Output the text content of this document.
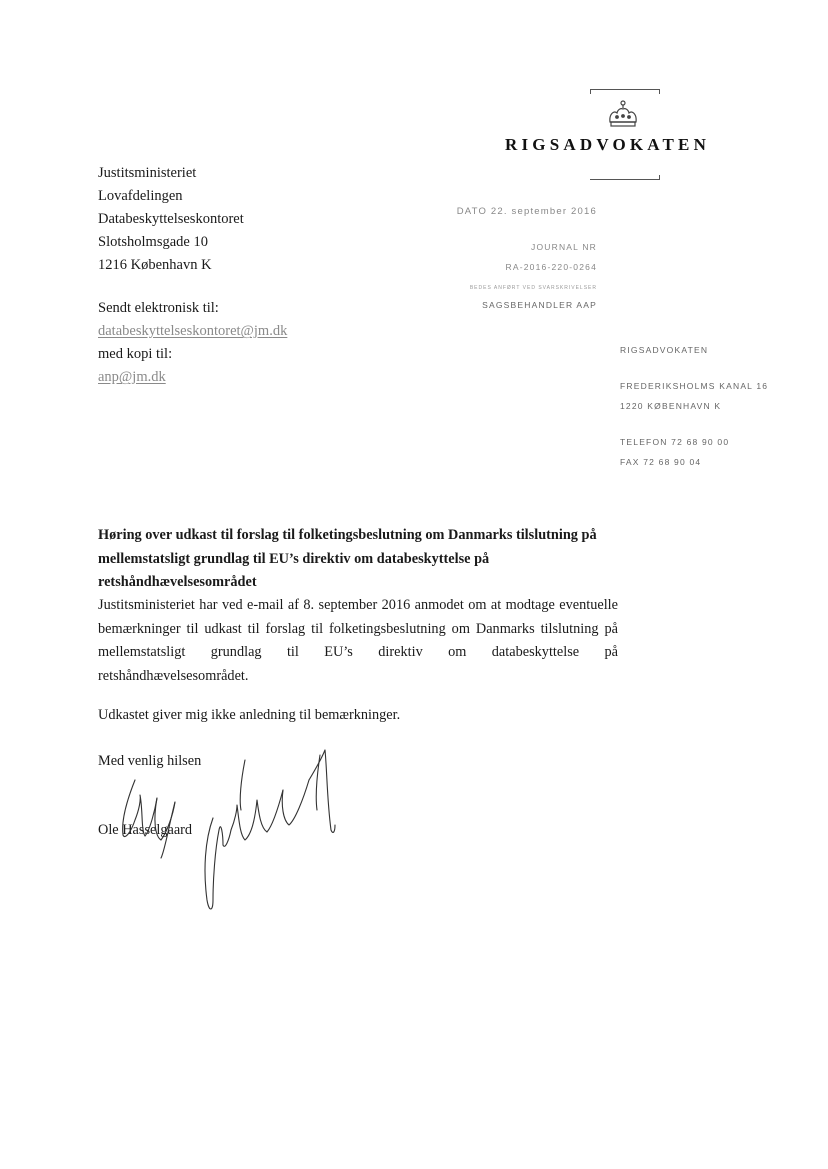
RIGSADVOKATEN
Justitsministeriet
Lovafdelingen
Databeskyttelseskontoret
Slotsholmsgade 10
1216 København K
Sendt elektronisk til:
databeskyttelseskontoret@jm.dk
med kopi til:
anp@jm.dk
DATO 22. september 2016
JOURNAL NR
RA-2016-220-0264
BEDES ANFØRT VED SVARSKRIVELSER
SAGSBEHANDLER AAP
RIGSADVOKATEN
FREDERIKSHOLMS KANAL 16
1220 KØBENHAVN K
TELEFON 72 68 90 00
FAX 72 68 90 04
Høring over udkast til forslag til folketingsbeslutning om Danmarks tilslutning på mellemstatsligt grundlag til EU’s direktiv om databeskyttelse på retshåndhævelsesområdet
Justitsministeriet har ved e-mail af 8. september 2016 anmodet om at modtage eventuelle bemærkninger til udkast til forslag til folketingsbeslutning om Danmarks tilslutning på mellemstatsligt grundlag til EU’s direktiv om databeskyttelse på retshåndhævelsesområdet.
Udkastet giver mig ikke anledning til bemærkninger.
Med venlig hilsen
Ole Hasselgaard
